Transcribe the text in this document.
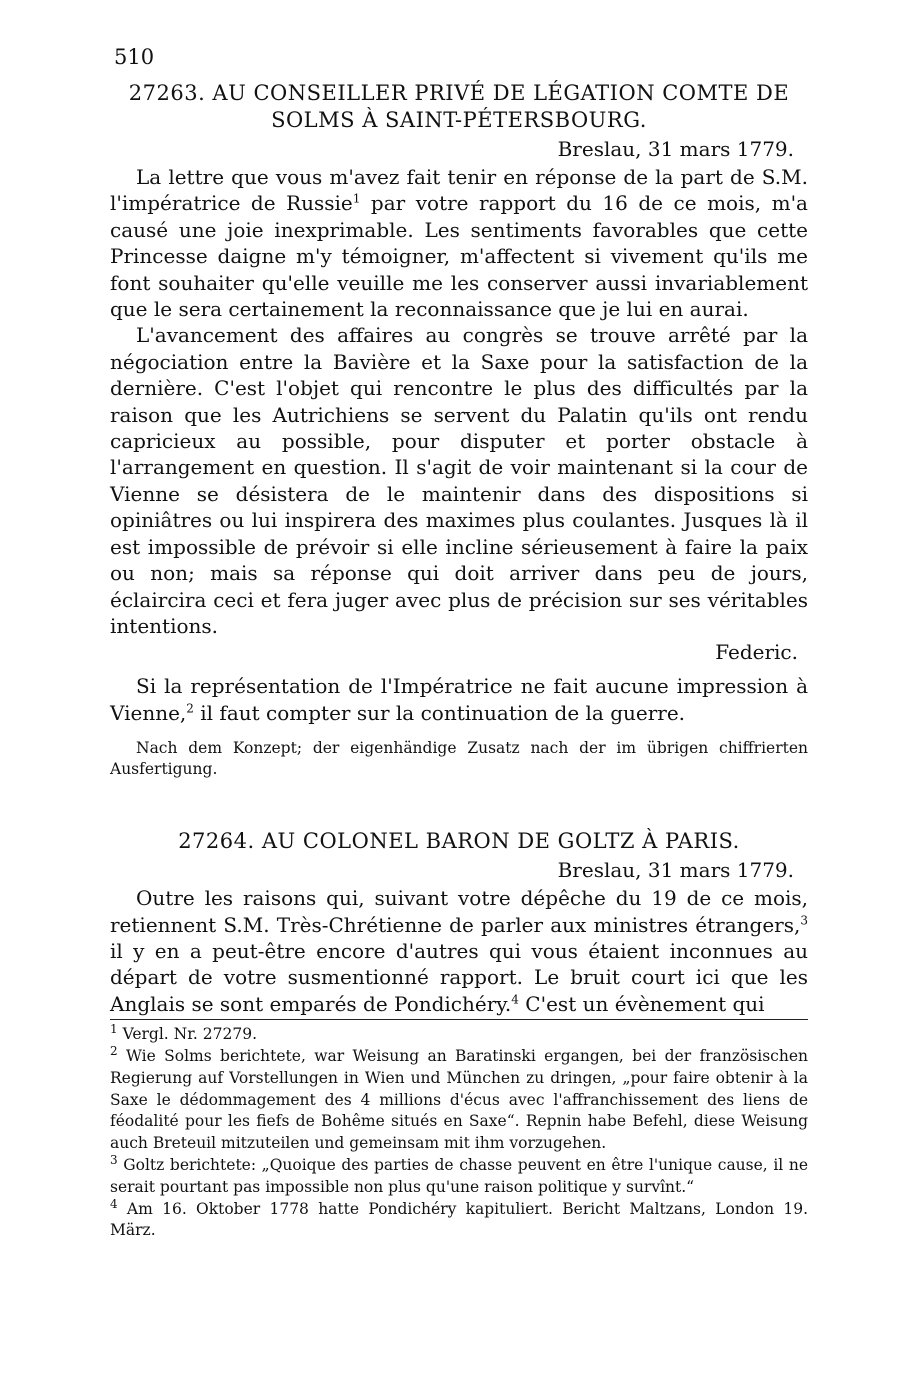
510
27263. AU CONSEILLER PRIVÉ DE LÉGATION COMTE DE
SOLMS À SAINT-PÉTERSBOURG.
Breslau, 31 mars 1779.

La lettre que vous m'avez fait tenir en réponse de la part de S.M. l'impératrice de Russie$^1$ par votre rapport du 16 de ce mois, m'a causé une joie inexprimable. Les sentiments favorables que cette Princesse daigne m'y témoigner, m'affectent si vivement qu'ils me font souhaiter qu'elle veuille me les conserver aussi invariablement que le sera certainement la reconnaissance que je lui en aurai.

L'avancement des affaires au congrès se trouve arrêté par la négociation entre la Bavière et la Saxe pour la satisfaction de la dernière. C'est l'objet qui rencontre le plus des difficultés par la raison que les Autrichiens se servent du Palatin qu'ils ont rendu capricieux au possible, pour disputer et porter obstacle à l'arrangement en question. Il s'agit de voir maintenant si la cour de Vienne se désistera de le maintenir dans des dispositions si opiniâtres ou lui inspirera des maximes plus coulantes. Jusques là il est impossible de prévoir si elle incline sérieusement à faire la paix ou non; mais sa réponse qui doit arriver dans peu de jours, éclaircira ceci et fera juger avec plus de précision sur ses véritables intentions.

Federic.

Si la représentation de l'Impératrice ne fait aucune impression à Vienne,$^2$ il faut compter sur la continuation de la guerre.

Nach dem Konzept; der eigenhändige Zusatz nach der im übrigen chiffrierten Ausfertigung.

27264. AU COLONEL BARON DE GOLTZ À PARIS.
Breslau, 31 mars 1779.

Outre les raisons qui, suivant votre dépêche du 19 de ce mois, retiennent S.M. Très-Chrétienne de parler aux ministres étrangers,$^3$ il y en a peut-être encore d'autres qui vous étaient inconnues au départ de votre susmentionné rapport. Le bruit court ici que les Anglais se sont emparés de Pondichéry.$^4$ C'est un évènement qui

$^1$ Vergl. Nr. 27279.

$^2$ Wie Solms berichtete, war Weisung an Baratinski ergangen, bei der französischen Regierung auf Vorstellungen in Wien und München zu dringen, „pour faire obtenir à la Saxe le dédommagement des 4 millions d'écus avec l'affranchissement des liens de féodalité pour les fiefs de Bohême situés en Saxe“. Repnin habe Befehl, diese Weisung auch Breteuil mitzuteilen und gemeinsam mit ihm vorzugehen.

$^3$ Goltz berichtete: „Quoique des parties de chasse peuvent en être l'unique cause, il ne serait pourtant pas impossible non plus qu'une raison politique y survînt.“

$^4$ Am 16. Oktober 1778 hatte Pondichéry kapituliert. Bericht Maltzans, London 19. März.
